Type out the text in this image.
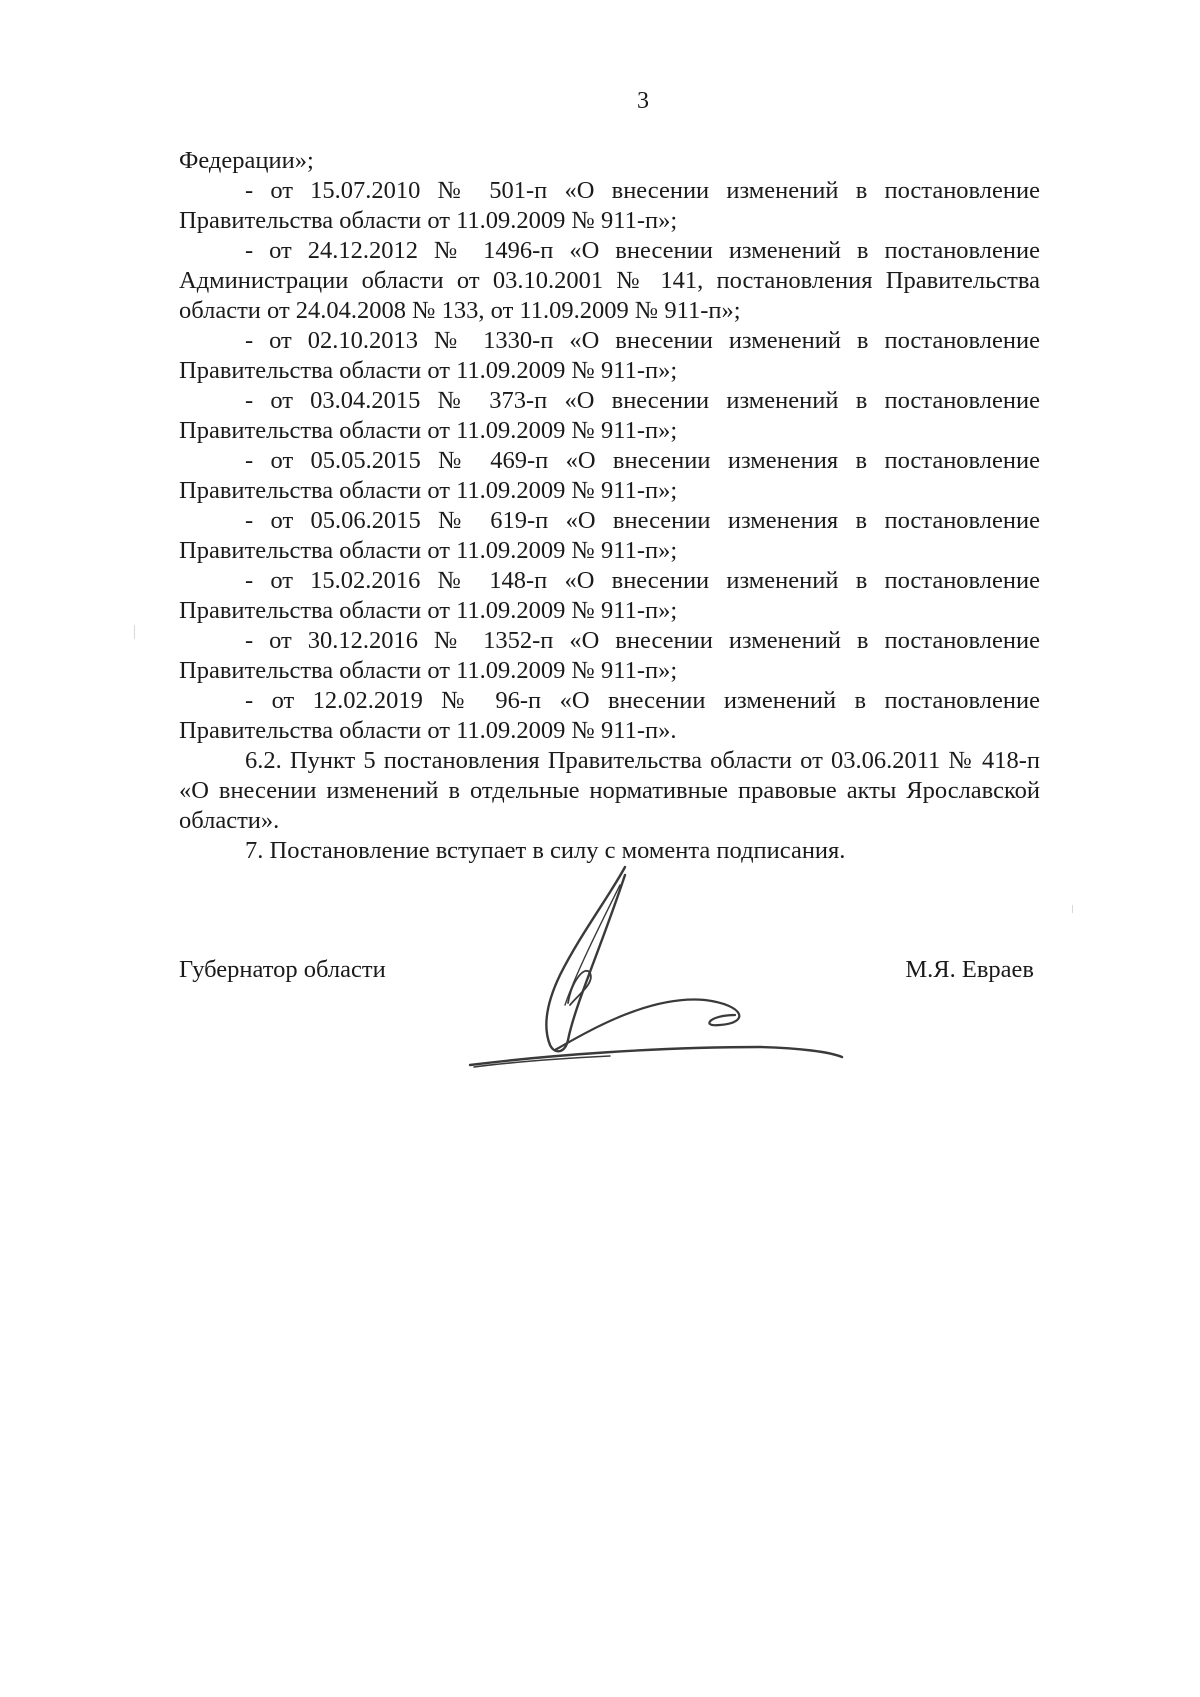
3

Федерации»;

- от 15.07.2010 № 501-п «О внесении изменений в постановление Правительства области от 11.09.2009 № 911-п»;

- от 24.12.2012 № 1496-п «О внесении изменений в постановление Администрации области от 03.10.2001 № 141, постановления Правительства области от 24.04.2008 № 133, от 11.09.2009 № 911-п»;

- от 02.10.2013 № 1330-п «О внесении изменений в постановление Правительства области от 11.09.2009 № 911-п»;

- от 03.04.2015 № 373-п «О внесении изменений в постановление Правительства области от 11.09.2009 № 911-п»;

- от 05.05.2015 № 469-п «О внесении изменения в постановление Правительства области от 11.09.2009 № 911-п»;

- от 05.06.2015 № 619-п «О внесении изменения в постановление Правительства области от 11.09.2009 № 911-п»;

- от 15.02.2016 № 148-п «О внесении изменений в постановление Правительства области от 11.09.2009 № 911-п»;

- от 30.12.2016 № 1352-п «О внесении изменений в постановление Правительства области от 11.09.2009 № 911-п»;

- от 12.02.2019 № 96-п «О внесении изменений в постановление Правительства области от 11.09.2009 № 911-п».

6.2. Пункт 5 постановления Правительства области от 03.06.2011 № 418-п «О внесении изменений в отдельные нормативные правовые акты Ярославской области».

7. Постановление вступает в силу с момента подписания.

Губернатор области	М.Я. Евраев
